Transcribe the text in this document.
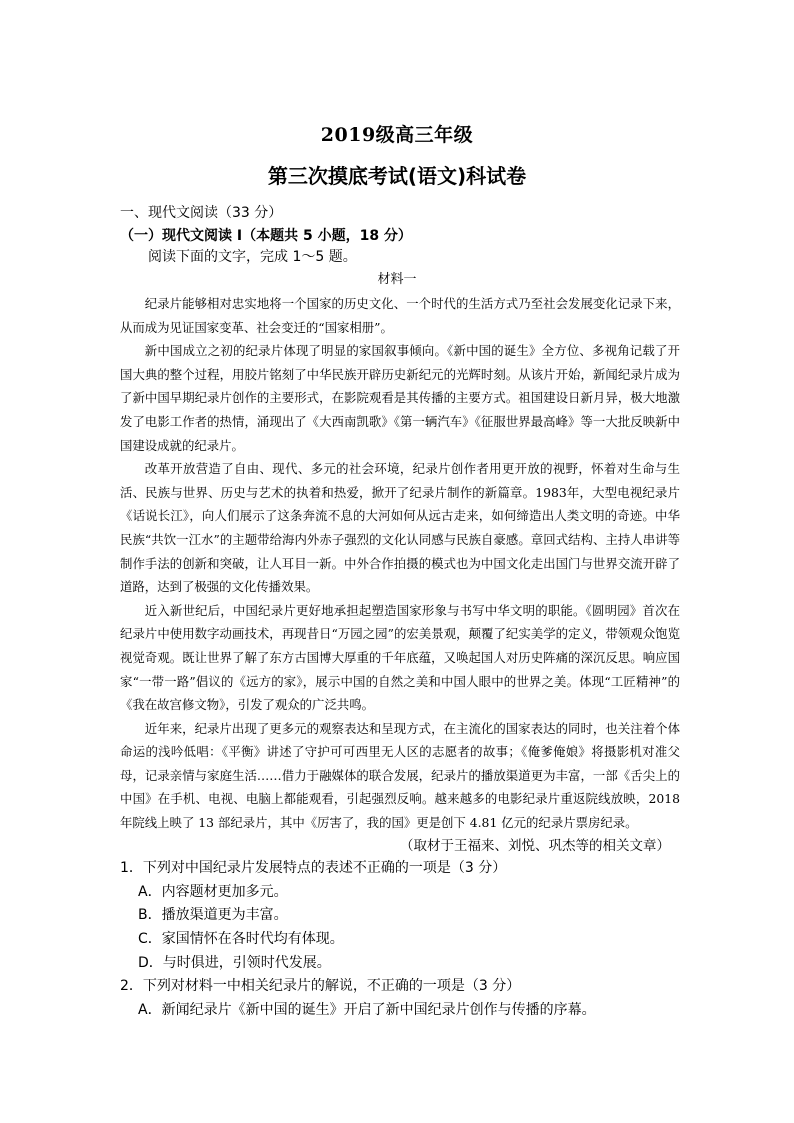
2019级高三年级
第三次摸底考试(语文)科试卷
一、现代文阅读（33 分）
（一）现代文阅读 I（本题共 5 小题，18 分）
阅读下面的文字，完成 1～5 题。
材料一

纪录片能够相对忠实地将一个国家的历史文化、一个时代的生活方式乃至社会发展变化记录下来，从而成为见证国家变革、社会变迁的“国家相册”。

新中国成立之初的纪录片体现了明显的家国叙事倾向。《新中国的诞生》全方位、多视角记载了开国大典的整个过程，用胶片铭刻了中华民族开辟历史新纪元的光辉时刻。从该片开始，新闻纪录片成为了新中国早期纪录片创作的主要形式，在影院观看是其传播的主要方式。祖国建设日新月异，极大地激发了电影工作者的热情，涌现出了《大西南凯歌》《第一辆汽车》《征服世界最高峰》等一大批反映新中国建设成就的纪录片。

改革开放营造了自由、现代、多元的社会环境，纪录片创作者用更开放的视野，怀着对生命与生活、民族与世界、历史与艺术的执着和热爱，掀开了纪录片制作的新篇章。1983年，大型电视纪录片《话说长江》，向人们展示了这条奔流不息的大河如何从远古走来，如何缔造出人类文明的奇迹。中华民族“共饮一江水”的主题带给海内外赤子强烈的文化认同感与民族自豪感。章回式结构、主持人串讲等制作手法的创新和突破，让人耳目一新。中外合作拍摄的模式也为中国文化走出国门与世界交流开辟了道路，达到了极强的文化传播效果。

近入新世纪后，中国纪录片更好地承担起塑造国家形象与书写中华文明的职能。《圆明园》首次在纪录片中使用数字动画技术，再现昔日“万园之园”的宏美景观，颠覆了纪实美学的定义，带领观众饱览视觉奇观。既让世界了解了东方古国博大厚重的千年底蕴，又唤起国人对历史阵痛的深沉反思。响应国家“一带一路”倡议的《远方的家》，展示中国的自然之美和中国人眼中的世界之美。体现“工匠精神”的《我在故宫修文物》，引发了观众的广泛共鸣。

近年来，纪录片出现了更多元的观察表达和呈现方式，在主流化的国家表达的同时，也关注着个体命运的浅吟低唱：《平衡》讲述了守护可可西里无人区的志愿者的故事；《俺爹俺娘》将摄影机对准父母，记录亲情与家庭生活……借力于融媒体的联合发展，纪录片的播放渠道更为丰富，一部《舌尖上的中国》在手机、电视、电脑上都能观看，引起强烈反响。越来越多的电影纪录片重返院线放映，2018 年院线上映了 13 部纪录片，其中《厉害了，我的国》更是创下 4.81 亿元的纪录片票房纪录。

（取材于王福来、刘悦、巩杰等的相关文章）
1．下列对中国纪录片发展特点的表述不正确的一项是（3 分）
A．内容题材更加多元。
B．播放渠道更为丰富。
C．家国情怀在各时代均有体现。
D．与时俱进，引领时代发展。
2．下列对材料一中相关纪录片的解说，不正确的一项是（3 分）
A．新闻纪录片《新中国的诞生》开启了新中国纪录片创作与传播的序幕。
